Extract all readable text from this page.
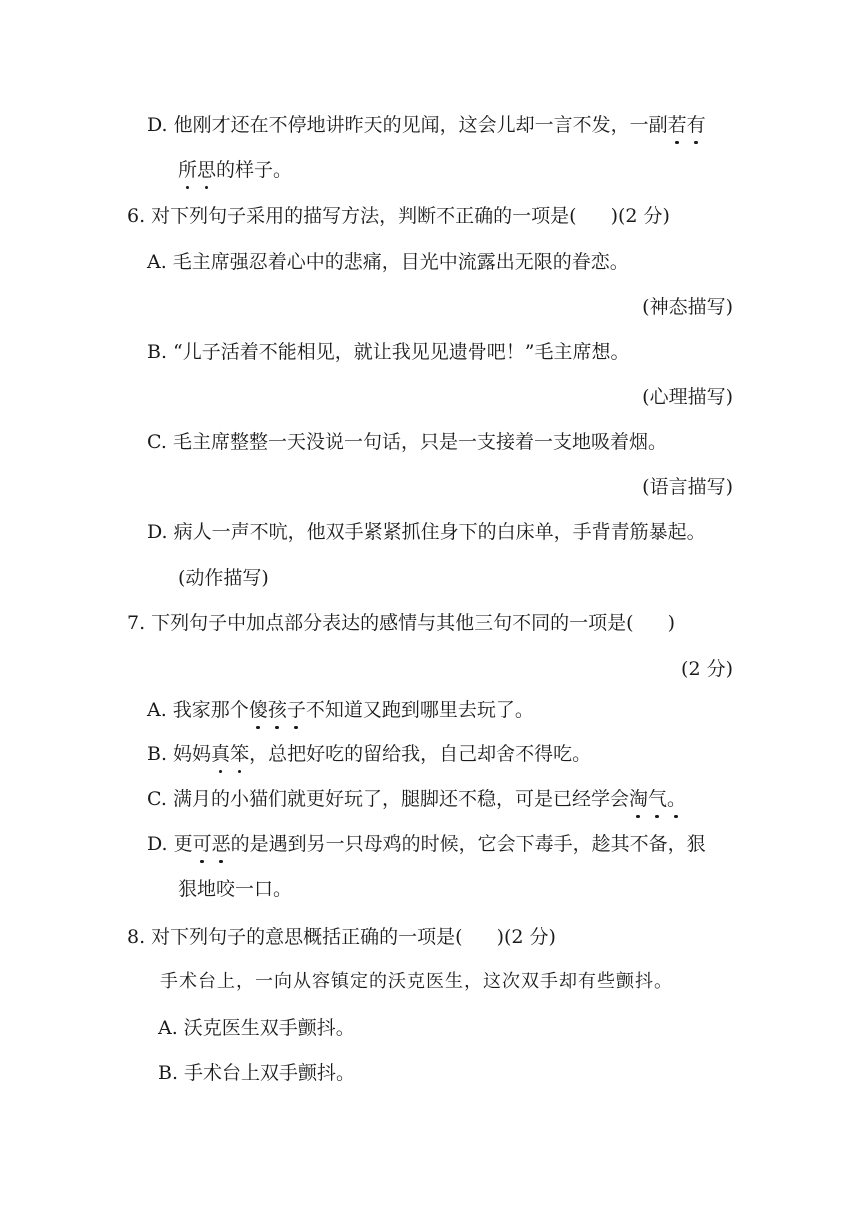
D. 他刚才还在不停地讲昨天的见闻，这会儿却一言不发，一副若有
所思的样子。
6. 对下列句子采用的描写方法，判断不正确的一项是( )(2 分)
A. 毛主席强忍着心中的悲痛，目光中流露出无限的眷恋。
(神态描写)
B. “儿子活着不能相见，就让我见见遗骨吧！”毛主席想。
(心理描写)
C. 毛主席整整一天没说一句话，只是一支接着一支地吸着烟。
(语言描写)
D. 病人一声不吭，他双手紧紧抓住身下的白床单，手背青筋暴起。
(动作描写)
7. 下列句子中加点部分表达的感情与其他三句不同的一项是( )
(2 分)
A. 我家那个傻孩子不知道又跑到哪里去玩了。
B. 妈妈真笨，总把好吃的留给我，自己却舍不得吃。
C. 满月的小猫们就更好玩了，腿脚还不稳，可是已经学会淘气。
D. 更可恶的是遇到另一只母鸡的时候，它会下毒手，趁其不备，狠
狠地咬一口。
8. 对下列句子的意思概括正确的一项是( )(2 分)
手术台上，一向从容镇定的沃克医生，这次双手却有些颤抖。
A. 沃克医生双手颤抖。
B. 手术台上双手颤抖。
